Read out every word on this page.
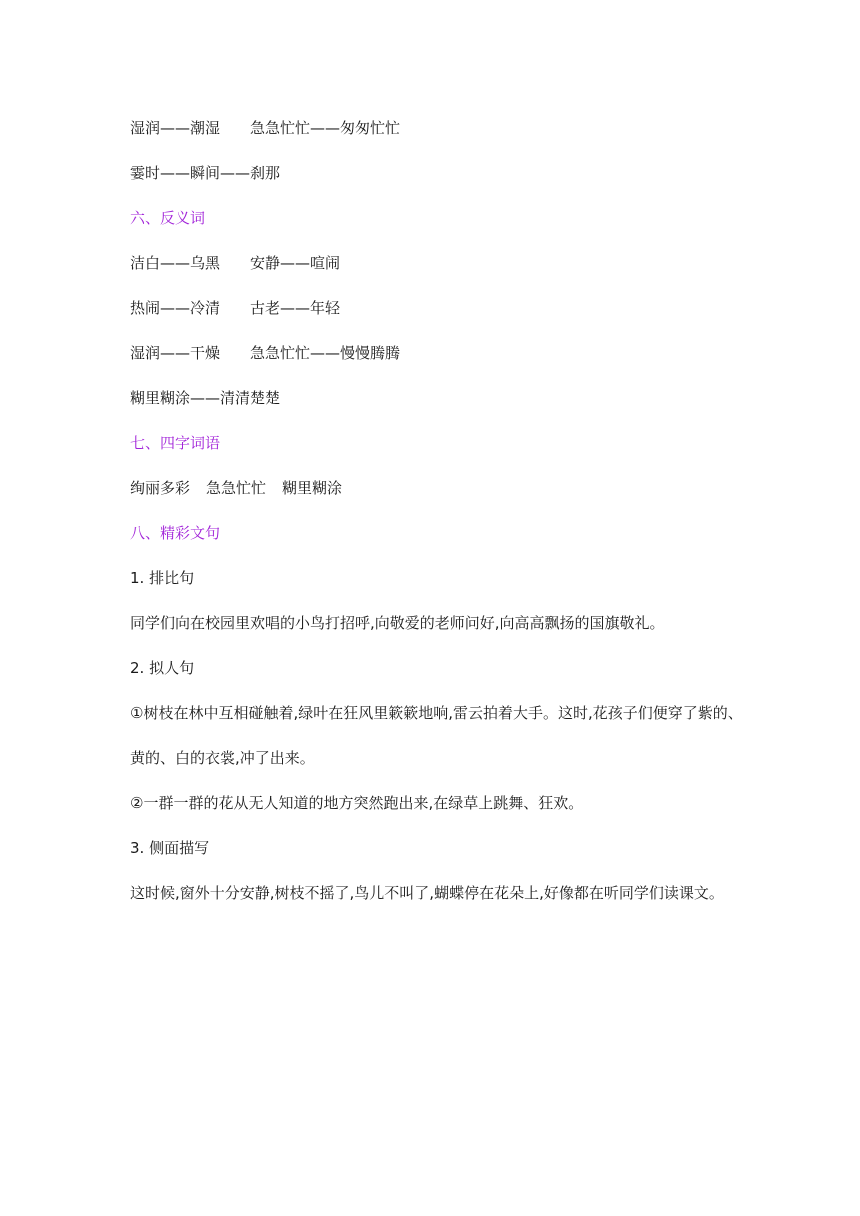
湿润——潮湿 急急忙忙——匆匆忙忙
霎时——瞬间——刹那
六、反义词
洁白——乌黑 安静——喧闹
热闹——冷清 古老——年轻
湿润——干燥 急急忙忙——慢慢腾腾
糊里糊涂——清清楚楚
七、四字词语
绚丽多彩 急急忙忙 糊里糊涂
八、精彩文句
1. 排比句
同学们向在校园里欢唱的小鸟打招呼,向敬爱的老师问好,向高高飘扬的国旗敬礼。
2. 拟人句
①树枝在林中互相碰触着,绿叶在狂风里簌簌地响,雷云拍着大手。这时,花孩子们便穿了紫的、
黄的、白的衣裳,冲了出来。
②一群一群的花从无人知道的地方突然跑出来,在绿草上跳舞、狂欢。
3. 侧面描写
这时候,窗外十分安静,树枝不摇了,鸟儿不叫了,蝴蝶停在花朵上,好像都在听同学们读课文。
